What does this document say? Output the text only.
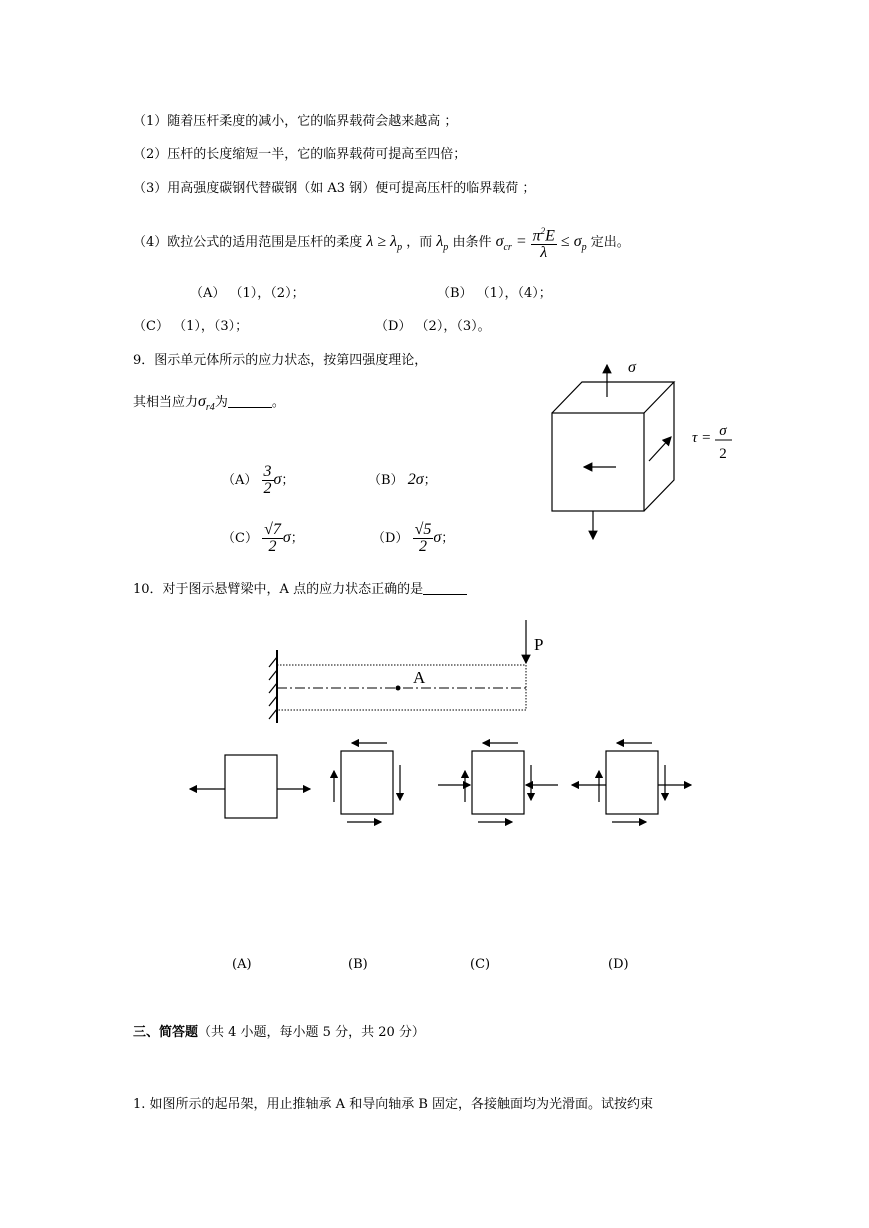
（1）随着压杆柔度的减小，它的临界载荷会越来越高 ；
（2）压杆的长度缩短一半，它的临界载荷可提高至四倍；
（3）用高强度碳钢代替碳钢（如 A3 钢）便可提高压杆的临界载荷 ；
（4）欧拉公式的适用范围是压杆的柔度 $\lambda \ge \lambda_p$ ，而 $\lambda_p$ 由条件 $\sigma_{cr} = \frac{\pi^2E}{\lambda} \le \sigma_p$ 定出。
（A） （1），（2）；	（B） （1），（4）；
（C） （1），（3）；	（D） （2），（3）。
9．图示单元体所示的应力状态，按第四强度理论，
其相当应力$\sigma_{r4}$为	。
$(A) \frac{3}{2}$ σ；	（B） 2σ；
$(C) \frac{√7}{2}$ σ；	$(D) \frac{√5}{2}$ σ；
σ
τ = σ
2
10．对于图示悬臂梁中，A 点的应力状态正确的是
A
P
(A)	(B)	(C)	(D)
三、简答题（共 4 小题，每小题 5 分，共 20 分）
1. 如图所示的起吊架，用止推轴承 A 和导向轴承 B 固定，各接触面均为光滑面。试按约束
